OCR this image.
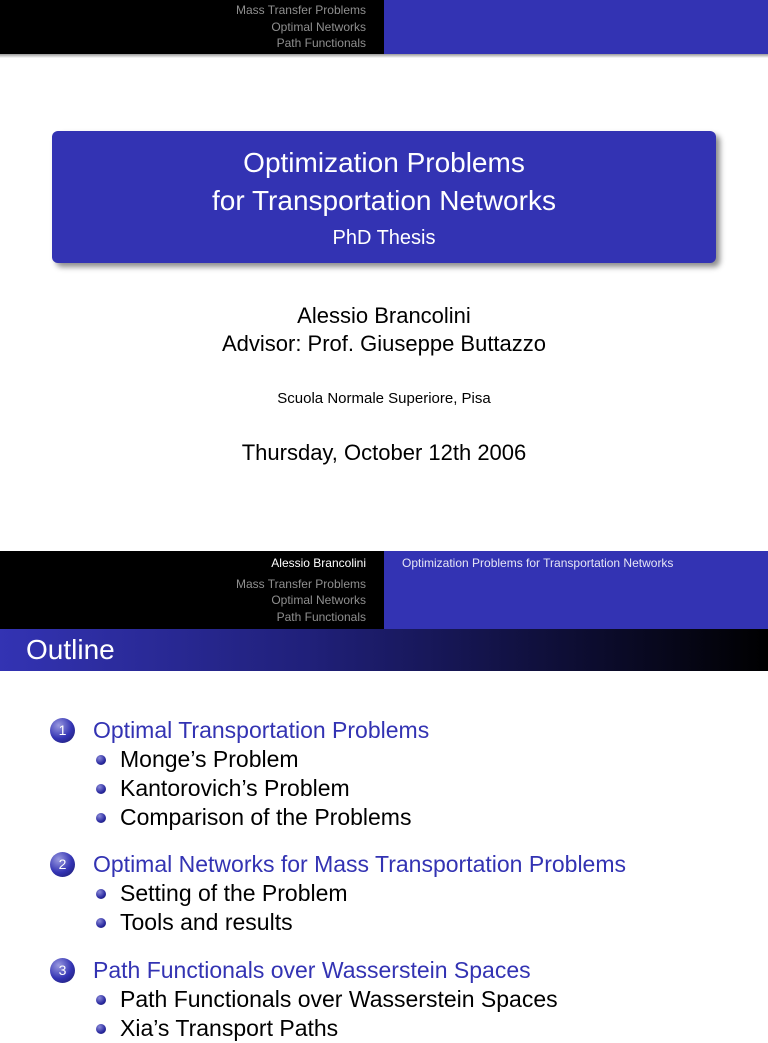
Mass Transfer Problems
Optimal Networks
Path Functionals
Optimization Problems
for Transportation Networks
PhD Thesis
Alessio Brancolini
Advisor: Prof. Giuseppe Buttazzo
Scuola Normale Superiore, Pisa
Thursday, October 12th 2006
Alessio Brancolini
Mass Transfer Problems
Optimal Networks
Path Functionals
Optimization Problems for Transportation Networks
Outline
1	Optimal Transportation Problems
Monge’s Problem
Kantorovich’s Problem
Comparison of the Problems
2	Optimal Networks for Mass Transportation Problems
Setting of the Problem
Tools and results
3	Path Functionals over Wasserstein Spaces
Path Functionals over Wasserstein Spaces
Xia’s Transport Paths
